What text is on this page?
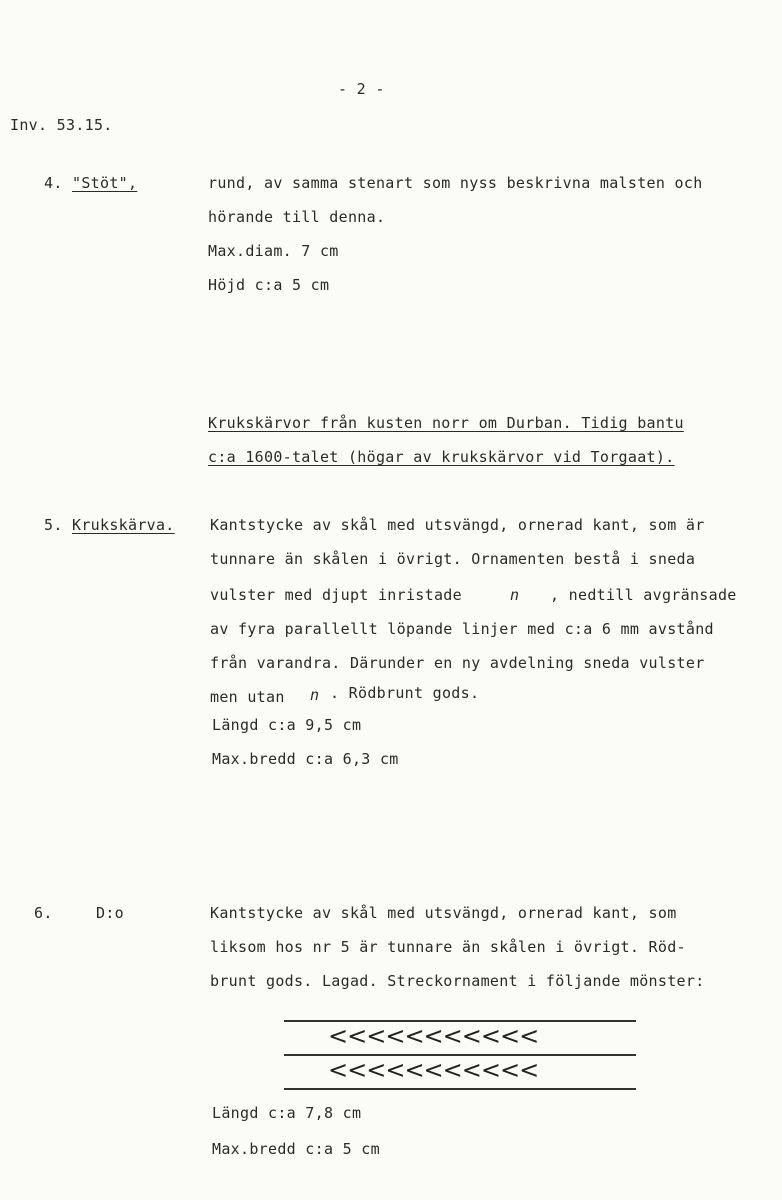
- 2 -
Inv. 53.15.
4. "Stöt",	rund, av samma stenart som nyss beskrivna malsten och
hörande till denna.
Max.diam. 7 cm
Höjd c:a 5 cm
Krukskärvor från kusten norr om Durban. Tidig bantu
c:a 1600-talet (högar av krukskärvor vid Torgaat).
5. Krukskärva. Kantstycke av skål med utsvängd, ornerad kant, som är
tunnare än skålen i övrigt. Ornamenten bestå i sneda
vulster med djupt inristade	n , nedtill avgränsade
av fyra parallellt löpande linjer med c:a 6 mm avstånd
från varandra. Därunder en ny avdelning sneda vulster
men utan n . Rödbrunt gods.
Längd c:a 9,5 cm
Max.bredd c:a 6,3 cm
6.	D:o	Kantstycke av skål med utsvängd, ornerad kant, som
liksom hos nr 5 är tunnare än skålen i övrigt. Röd-
brunt gods. Lagad. Streckornament i följande mönster:
<<<<<<<<<<<
<<<<<<<<<<<
Längd c:a 7,8 cm
Max.bredd c:a 5 cm
